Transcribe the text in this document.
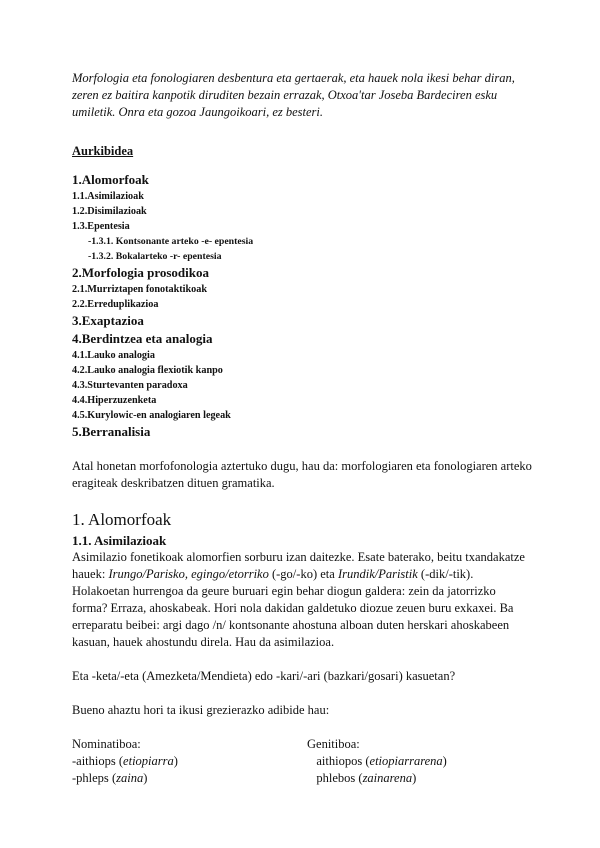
Morfologia eta fonologiaren desbentura eta gertaerak, eta hauek nola ikesi behar diran, zeren ez baitira kanpotik diruditen bezain errazak, Otxoa'tar Joseba Bardeciren esku umiletik. Onra eta gozoa Jaungoikoari, ez besteri.

Aurkibidea
1.Alomorfoak
1.1.Asimilazioak
1.2.Disimilazioak
1.3.Epentesia
-1.3.1. Kontsonante arteko -e- epentesia
-1.3.2. Bokalarteko -r- epentesia
2.Morfologia prosodikoa
2.1.Murriztapen fonotaktikoak
2.2.Erreduplikazioa
3.Exaptazioa
4.Berdintzea eta analogia
4.1.Lauko analogia
4.2.Lauko analogia flexiotik kanpo
4.3.Sturtevanten paradoxa
4.4.Hiperzuzenketa
4.5.Kurylowic-en analogiaren legeak
5.Berranalisia

Atal honetan morfofonologia aztertuko dugu, hau da: morfologiaren eta fonologiaren arteko eragiteak deskribatzen dituen gramatika.

1. Alomorfoak
1.1. Asimilazioak

Asimilazio fonetikoak alomorfien sorburu izan daitezke. Esate baterako, beitu txandakatze hauek: Irungo/Parisko, egingo/etorriko (-go/-ko) eta Irundik/Paristik (-dik/-tik). Holakoetan hurrengoa da geure buruari egin behar diogun galdera: zein da jatorrizko forma? Erraza, ahoskabeak. Hori nola dakidan galdetuko diozue zeuen buru exkaxei. Ba erreparatu beibei: argi dago /n/ kontsonante ahostuna alboan duten herskari ahoskabeen kasuan, hauek ahostundu direla. Hau da asimilazioa.

Eta -keta/-eta (Amezketa/Mendieta) edo -kari/-ari (bazkari/gosari) kasuetan?

Bueno ahaztu hori ta ikusi grezierazko adibide hau:

Nominatiboa:	Genitiboa:
-aithiops (etiopiarra)	aithiopos (etiopiarrarena)
-phleps (zaina)	phlebos (zainarena)
